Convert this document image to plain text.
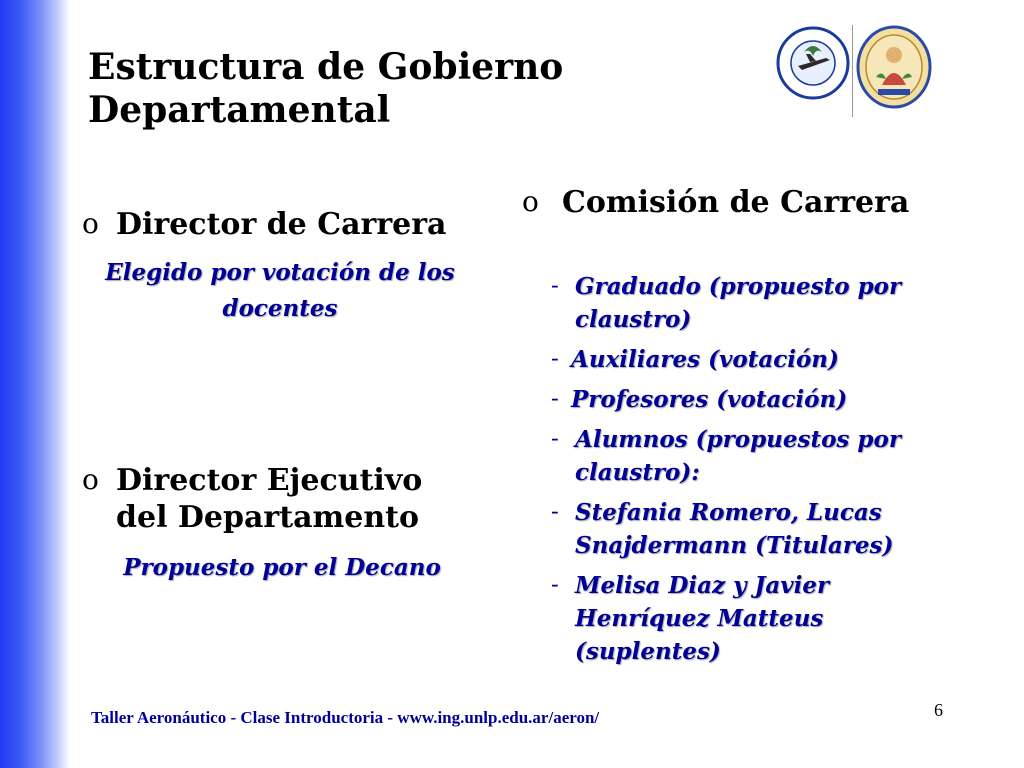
Estructura de Gobierno Departamental
o Director de Carrera
Elegido por votación de los docentes
o Director Ejecutivo del Departamento
Propuesto por el Decano
o Comisión de Carrera
- Graduado (propuesto por claustro)
- Auxiliares (votación)
- Profesores (votación)
- Alumnos (propuestos por claustro):
- Stefania Romero, Lucas Snajdermann (Titulares)
- Melisa Diaz y Javier Henríquez Matteus (suplentes)
Taller Aeronáutico - Clase Introductoria - www.ing.unlp.edu.ar/aeron/	6
